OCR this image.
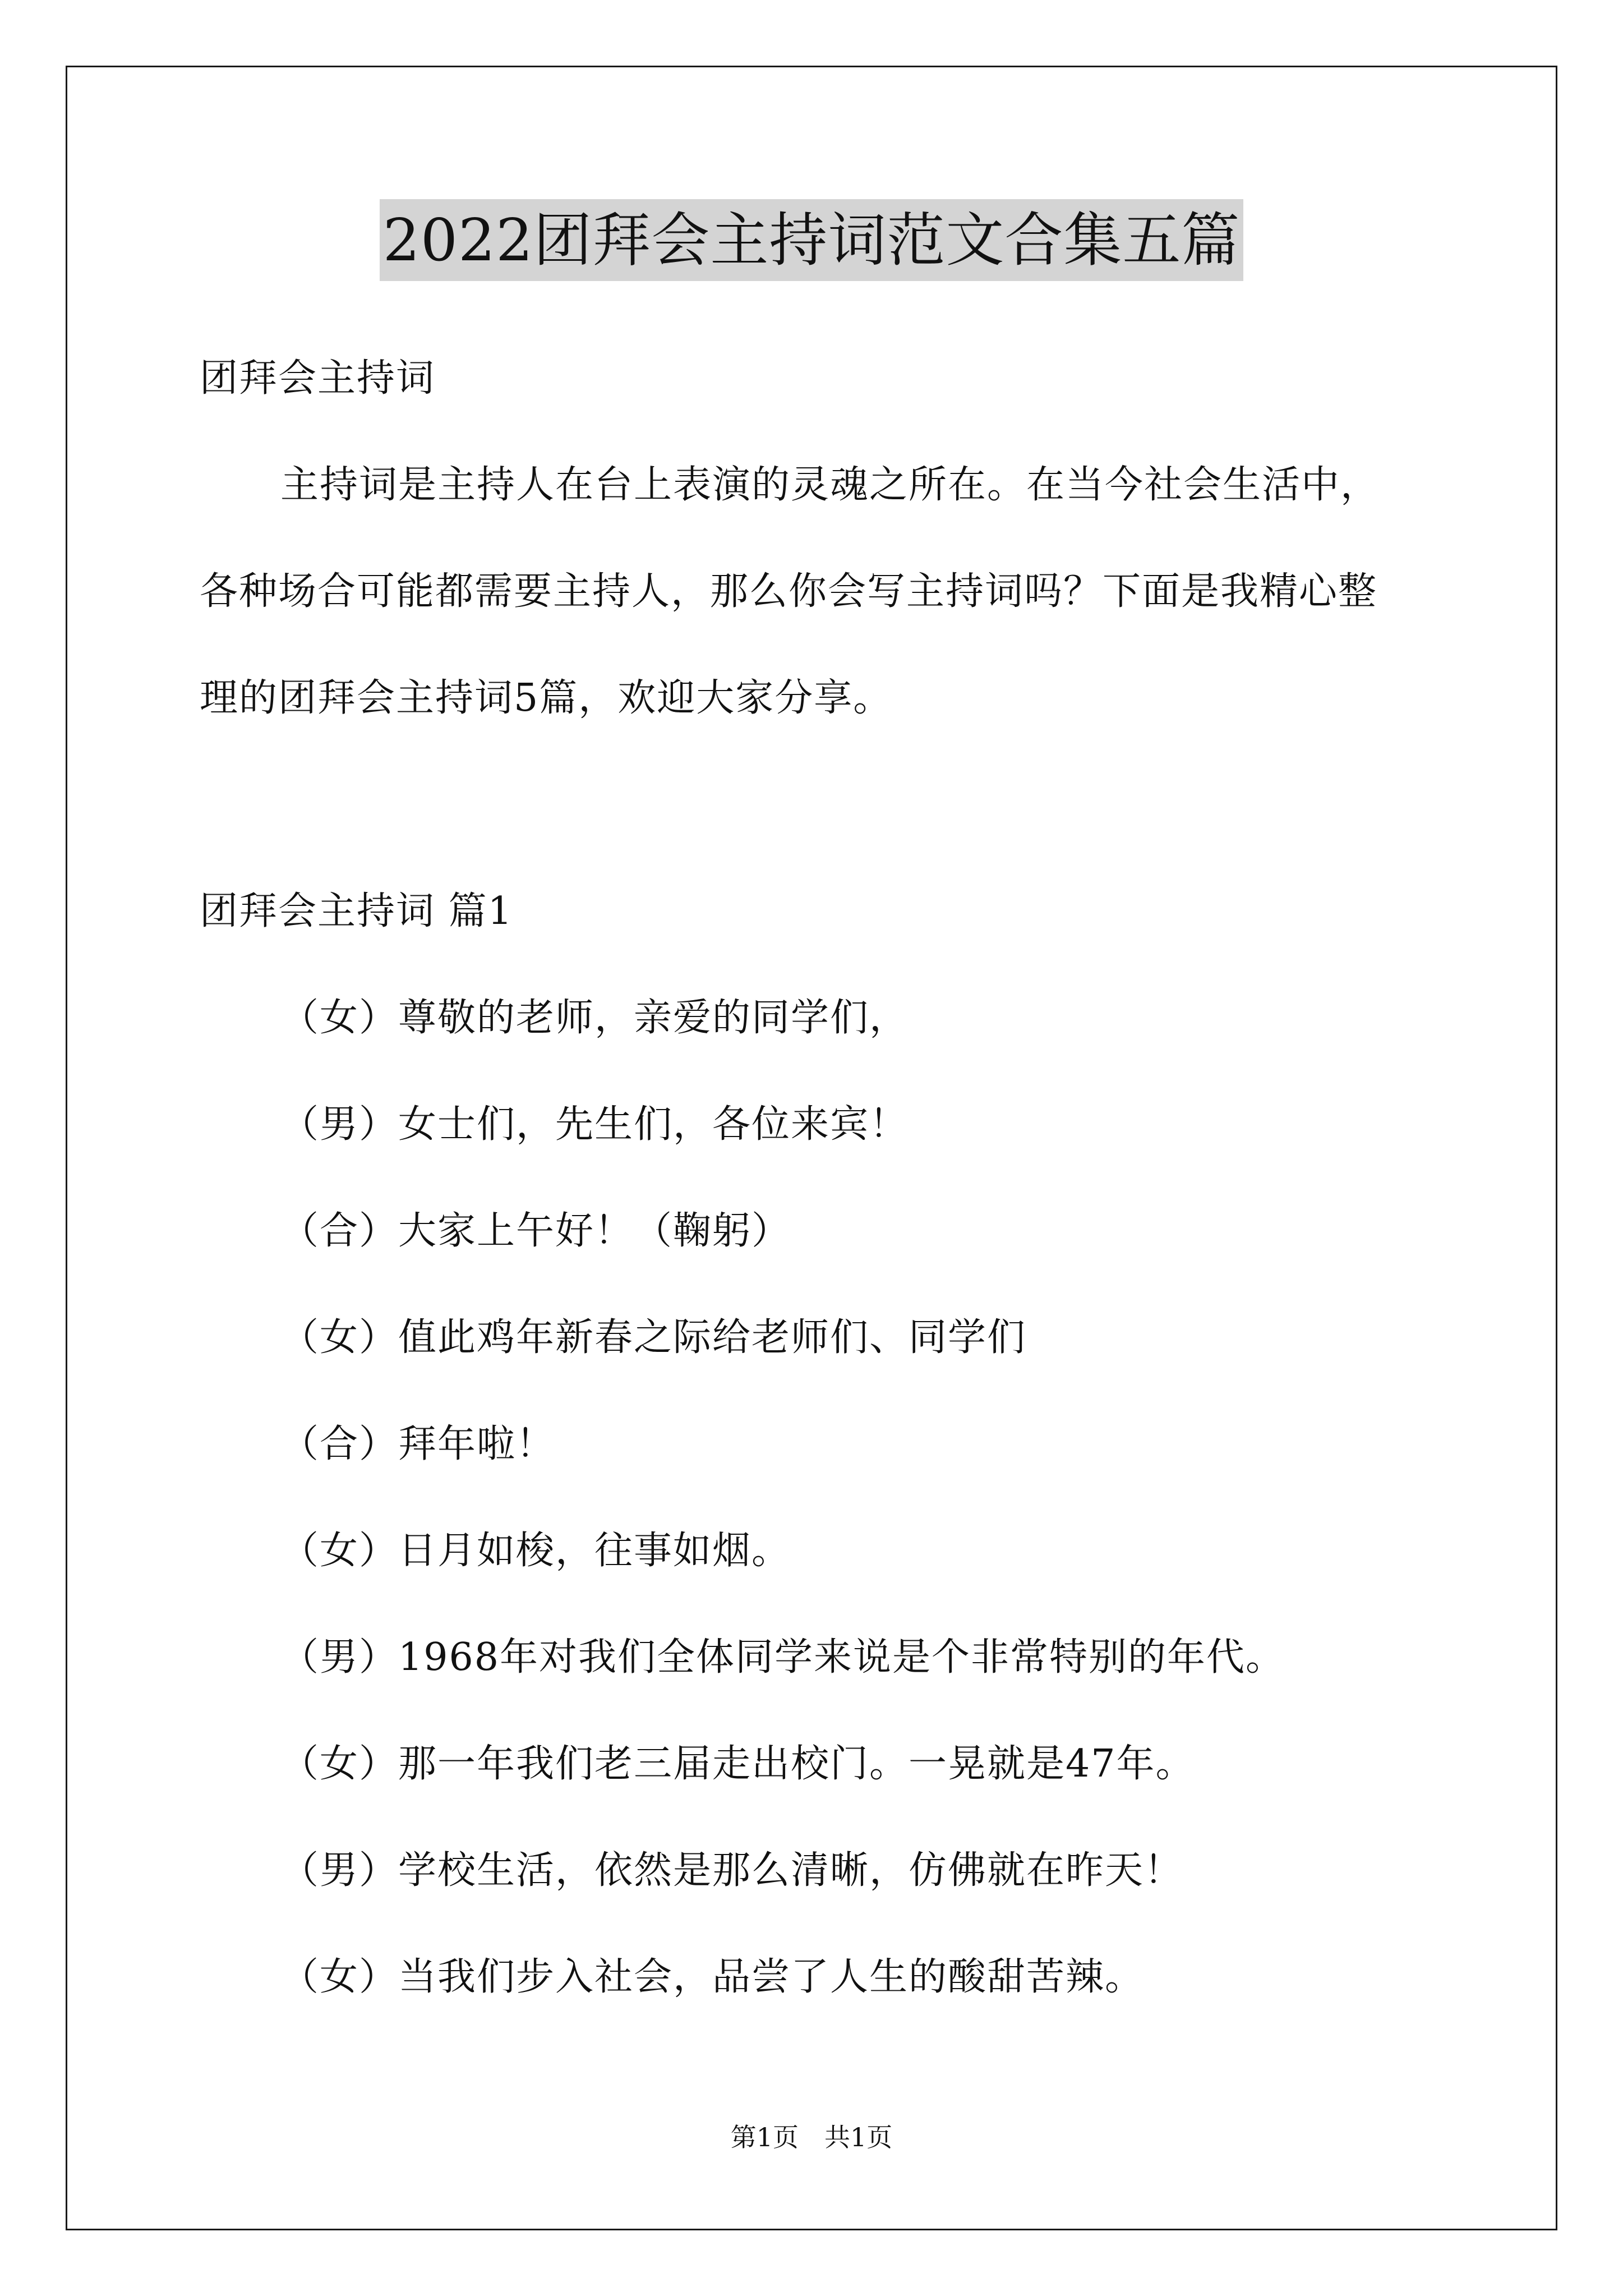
2022团拜会主持词范文合集五篇
团拜会主持词
主持词是主持人在台上表演的灵魂之所在。在当今社会生活中，
各种场合可能都需要主持人，那么你会写主持词吗？下面是我精心整
理的团拜会主持词5篇，欢迎大家分享。
团拜会主持词 篇1
（女）尊敬的老师，亲爱的同学们，
（男）女士们，先生们，各位来宾！
（合）大家上午好！（鞠躬）
（女）值此鸡年新春之际给老师们、同学们
（合）拜年啦！
（女）日月如梭，往事如烟。
（男）1968年对我们全体同学来说是个非常特别的年代。
（女）那一年我们老三届走出校门。一晃就是47年。
（男）学校生活，依然是那么清晰，仿佛就在昨天！
（女）当我们步入社会，品尝了人生的酸甜苦辣。
第1页　共1页
